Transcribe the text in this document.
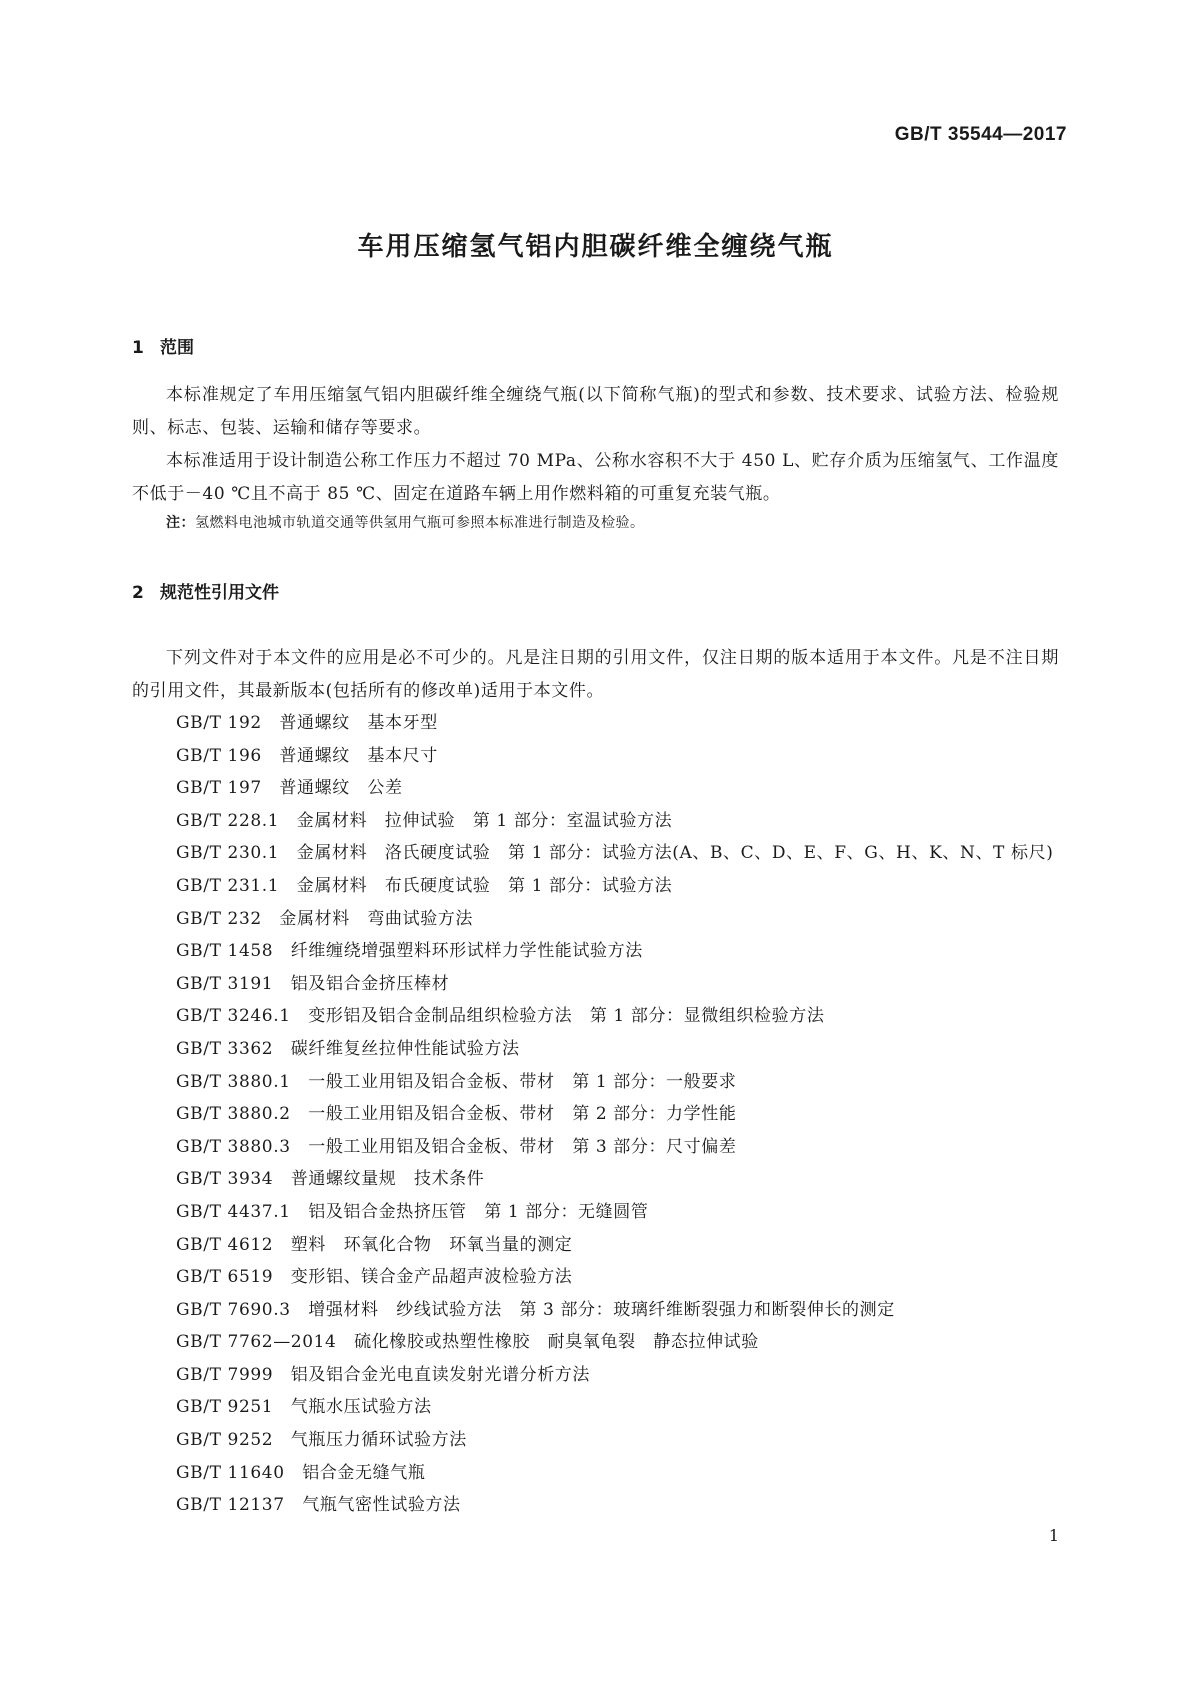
GB/T 35544—2017
车用压缩氢气铝内胆碳纤维全缠绕气瓶
1 范围

本标准规定了车用压缩氢气铝内胆碳纤维全缠绕气瓶(以下简称气瓶)的型式和参数、技术要求、试验方法、检验规则、标志、包装、运输和储存等要求。

本标准适用于设计制造公称工作压力不超过 70 MPa、公称水容积不大于 450 L、贮存介质为压缩氢气、工作温度不低于－40 ℃且不高于 85 ℃、固定在道路车辆上用作燃料箱的可重复充装气瓶。

注：氢燃料电池城市轨道交通等供氢用气瓶可参照本标准进行制造及检验。

2 规范性引用文件

下列文件对于本文件的应用是必不可少的。凡是注日期的引用文件，仅注日期的版本适用于本文件。凡是不注日期的引用文件，其最新版本(包括所有的修改单)适用于本文件。

GB/T 192　普通螺纹　基本牙型
GB/T 196　普通螺纹　基本尺寸
GB/T 197　普通螺纹　公差
GB/T 228.1　金属材料　拉伸试验　第 1 部分：室温试验方法
GB/T 230.1　金属材料　洛氏硬度试验　第 1 部分：试验方法(A、B、C、D、E、F、G、H、K、N、T 标尺)
GB/T 231.1　金属材料　布氏硬度试验　第 1 部分：试验方法
GB/T 232　金属材料　弯曲试验方法
GB/T 1458　纤维缠绕增强塑料环形试样力学性能试验方法
GB/T 3191　铝及铝合金挤压棒材
GB/T 3246.1　变形铝及铝合金制品组织检验方法　第 1 部分：显微组织检验方法
GB/T 3362　碳纤维复丝拉伸性能试验方法
GB/T 3880.1　一般工业用铝及铝合金板、带材　第 1 部分：一般要求
GB/T 3880.2　一般工业用铝及铝合金板、带材　第 2 部分：力学性能
GB/T 3880.3　一般工业用铝及铝合金板、带材　第 3 部分：尺寸偏差
GB/T 3934　普通螺纹量规　技术条件
GB/T 4437.1　铝及铝合金热挤压管　第 1 部分：无缝圆管
GB/T 4612　塑料　环氧化合物　环氧当量的测定
GB/T 6519　变形铝、镁合金产品超声波检验方法
GB/T 7690.3　增强材料　纱线试验方法　第 3 部分：玻璃纤维断裂强力和断裂伸长的测定
GB/T 7762—2014　硫化橡胶或热塑性橡胶　耐臭氧龟裂　静态拉伸试验
GB/T 7999　铝及铝合金光电直读发射光谱分析方法
GB/T 9251　气瓶水压试验方法
GB/T 9252　气瓶压力循环试验方法
GB/T 11640　铝合金无缝气瓶
GB/T 12137　气瓶气密性试验方法
1
